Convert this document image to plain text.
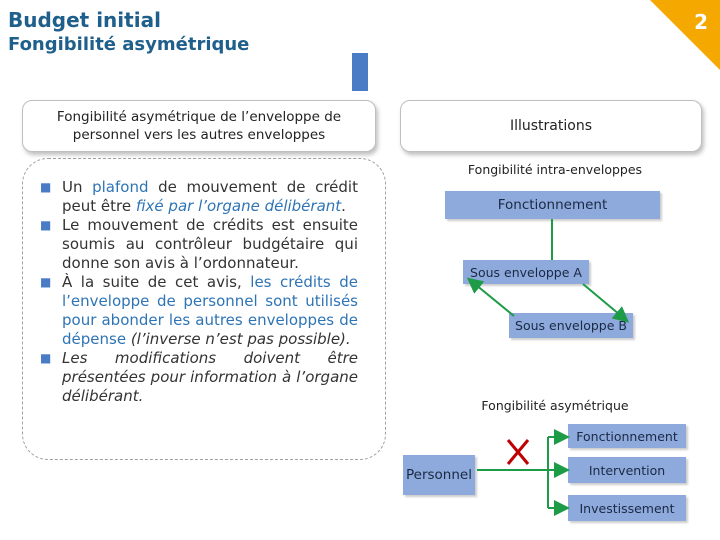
Budget initial
Fongibilité asymétrique
2
Fongibilité asymétrique de l’enveloppe de personnel vers les autres enveloppes
■ Un plafond de mouvement de crédit peut être fixé par l’organe délibérant.
■ Le mouvement de crédits est ensuite soumis au contrôleur budgétaire qui donne son avis à l’ordonnateur.
■ À la suite de cet avis, les crédits de l’enveloppe de personnel sont utilisés pour abonder les autres enveloppes de dépense (l’inverse n’est pas possible).
■ Les modifications doivent être présentées pour information à l’organe délibérant.
Illustrations
Fongibilité intra-enveloppes
Fonctionnement
Sous enveloppe A
Sous enveloppe B
Fongibilité asymétrique
Fonctionnement
Intervention
Investissement
Personnel
